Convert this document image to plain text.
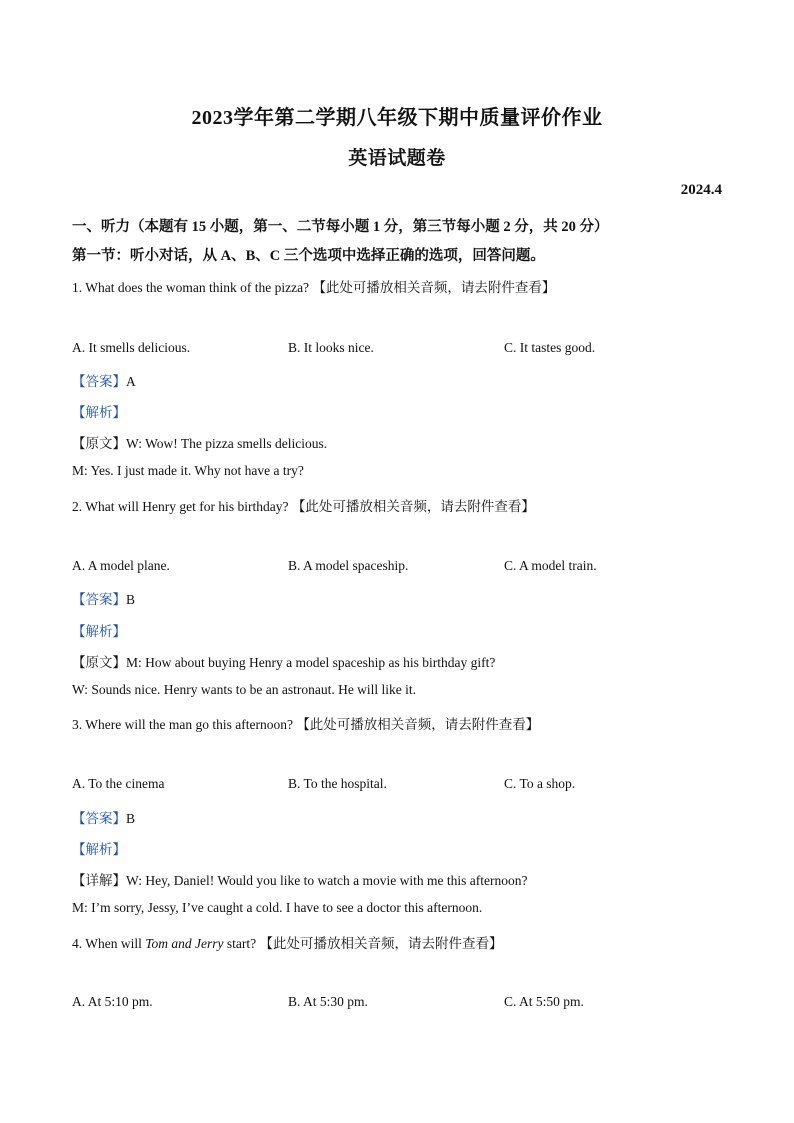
2023学年第二学期八年级下期中质量评价作业
英语试题卷
2024.4
一、听力（本题有 15 小题，第一、二节每小题 1 分，第三节每小题 2 分，共 20 分）
第一节：听小对话，从 A、B、C 三个选项中选择正确的选项，回答问题。
1. What does the woman think of the pizza? 【此处可播放相关音频，请去附件查看】
A. It smells delicious.	B. It looks nice.	C. It tastes good.
【答案】A
【解析】
【原文】W: Wow! The pizza smells delicious.
M: Yes. I just made it. Why not have a try?
2. What will Henry get for his birthday? 【此处可播放相关音频，请去附件查看】
A. A model plane.	B. A model spaceship.	C. A model train.
【答案】B
【解析】
【原文】M: How about buying Henry a model spaceship as his birthday gift?
W: Sounds nice. Henry wants to be an astronaut. He will like it.
3. Where will the man go this afternoon? 【此处可播放相关音频，请去附件查看】
A. To the cinema	B. To the hospital.	C. To a shop.
【答案】B
【解析】
【详解】W: Hey, Daniel! Would you like to watch a movie with me this afternoon?
M: I’m sorry, Jessy, I’ve caught a cold. I have to see a doctor this afternoon.
4. When will Tom and Jerry start? 【此处可播放相关音频，请去附件查看】
A. At 5:10 pm.	B. At 5:30 pm.	C. At 5:50 pm.
